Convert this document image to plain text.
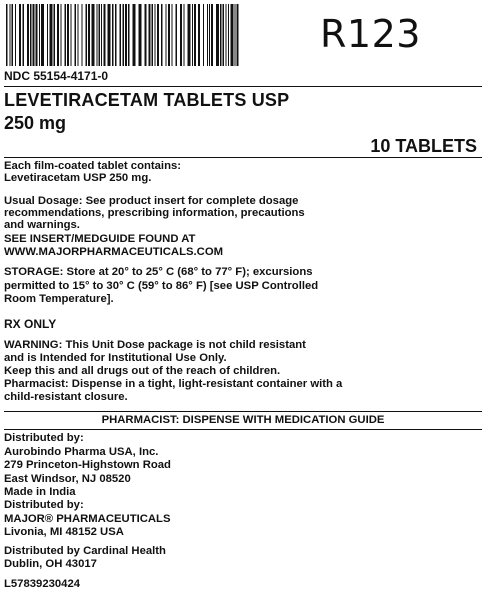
R123
NDC 55154-4171-0
LEVETIRACETAM TABLETS USP
250 mg
10 TABLETS
Each film-coated tablet contains:
Levetiracetam USP 250 mg.
Usual Dosage: See product insert for complete dosage
recommendations, prescribing information, precautions
and warnings.
SEE INSERT/MEDGUIDE FOUND AT
WWW.MAJORPHARMACEUTICALS.COM
STORAGE: Store at 20° to 25° C (68° to 77° F); excursions
permitted to 15° to 30° C (59° to 86° F) [see USP Controlled
Room Temperature].
RX ONLY
WARNING: This Unit Dose package is not child resistant
and is Intended for Institutional Use Only.
Keep this and all drugs out of the reach of children.
Pharmacist: Dispense in a tight, light-resistant container with a
child-resistant closure.
PHARMACIST: DISPENSE WITH MEDICATION GUIDE
Distributed by:
Aurobindo Pharma USA, Inc.
279 Princeton-Highstown Road
East Windsor, NJ 08520
Made in India
Distributed by:
MAJOR® PHARMACEUTICALS
Livonia, MI 48152 USA
Distributed by Cardinal Health
Dublin, OH 43017
L57839230424
